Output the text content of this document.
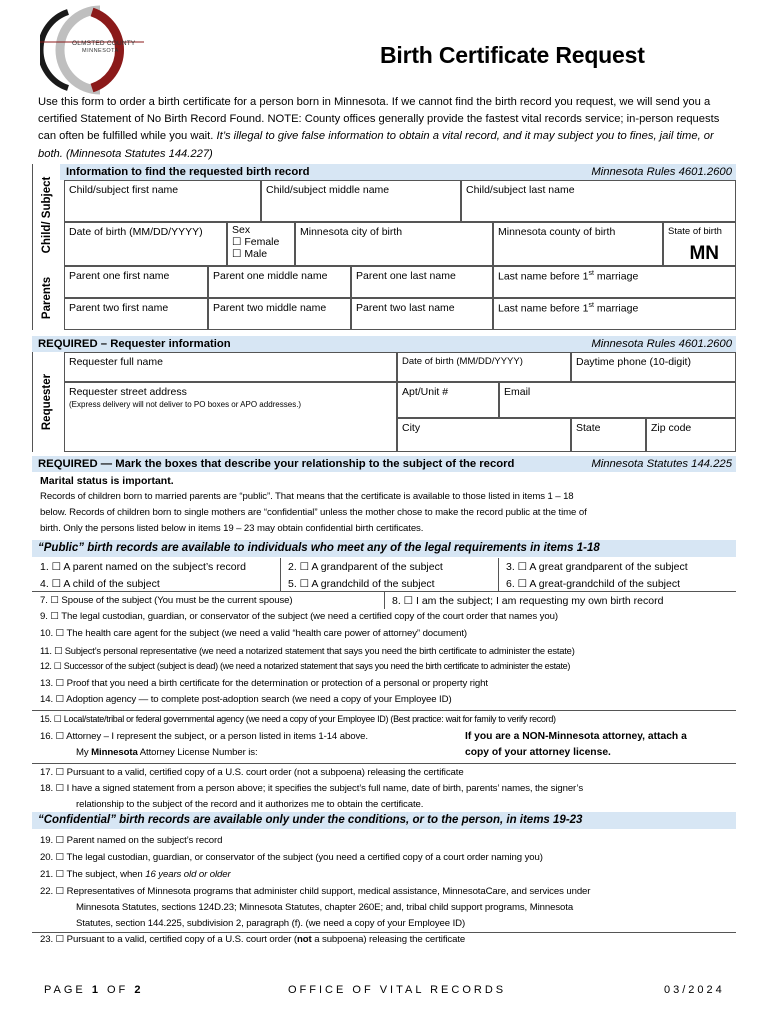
OLMSTED COUNTY
MINNESOTA	Birth Certificate Request
Use this form to order a birth certificate for a person born in Minnesota. If we cannot find the birth record you request, we will send you a certified Statement of No Birth Record Found. NOTE: County offices generally provide the fastest vital records service; in-person requests can often be fulfilled while you wait. It’s illegal to give false information to obtain a vital record, and it may subject you to fines, jail time, or both. (Minnesota Statutes 144.227)
Information to find the requested birth record	Minnesota Rules 4601.2600
Child/ Subject
Parents
Child/subject first name	Child/subject middle name	Child/subject last name
Date of birth (MM/DD/YYYY)	Sex
☐ Female
☐ Male
Minnesota city of birth	Minnesota county of birth	State of birth
MN
Parent one first name	Parent one middle name	Parent one last name	Last name before 1st marriage
Parent two first name	Parent two middle name	Parent two last name	Last name before 1st marriage
REQUIRED – Requester information	Minnesota Rules 4601.2600
Requester
Requester full name	Date of birth (MM/DD/YYYY)	Daytime phone (10-digit)
Requester street address
(Express delivery will not deliver to PO boxes or APO addresses.)
Apt/Unit #	Email
City	State	Zip code
REQUIRED — Mark the boxes that describe your relationship to the subject of the record	Minnesota Statutes 144.225
Marital status is important.
Records of children born to married parents are “public”. That means that the certificate is available to those listed in items 1 – 18
below. Records of children born to single mothers are “confidential” unless the mother chose to make the record public at the time of
birth. Only the persons listed below in items 19 – 23 may obtain confidential birth certificates.
“Public” birth records are available to individuals who meet any of the legal requirements in items 1-18
1. ☐ A parent named on the subject’s record	2. ☐ A grandparent of the subject	3. ☐ A great grandparent of the subject
4. ☐ A child of the subject	5. ☐ A grandchild of the subject	6. ☐ A great-grandchild of the subject
7. ☐ Spouse of the subject (You must be the current spouse)	8. ☐ I am the subject; I am requesting my own birth record
9. ☐ The legal custodian, guardian, or conservator of the subject (we need a certified copy of the court order that names you)
10. ☐ The health care agent for the subject (we need a valid “health care power of attorney” document)
11. ☐ Subject’s personal representative (we need a notarized statement that says you need the birth certificate to administer the estate)
12. ☐ Successor of the subject (subject is dead) (we need a notarized statement that says you need the birth certificate to administer the estate)
13. ☐ Proof that you need a birth certificate for the determination or protection of a personal or property right
14. ☐ Adoption agency — to complete post-adoption search (we need a copy of your Employee ID)
15. ☐ Local/state/tribal or federal governmental agency (we need a copy of your Employee ID) (Best practice: wait for family to verify record)
16. ☐ Attorney – I represent the subject, or a person listed in items 1-14 above.
My Minnesota Attorney License Number is:
If you are a NON-Minnesota attorney, attach a
copy of your attorney license.
17. ☐ Pursuant to a valid, certified copy of a U.S. court order (not a subpoena) releasing the certificate
18. ☐ I have a signed statement from a person above; it specifies the subject’s full name, date of birth, parents’ names, the signer’s
relationship to the subject of the record and it authorizes me to obtain the certificate.
“Confidential” birth records are available only under the conditions, or to the person, in items 19-23
19. ☐ Parent named on the subject’s record
20. ☐ The legal custodian, guardian, or conservator of the subject (you need a certified copy of a court order naming you)
21. ☐ The subject, when 16 years old or older
22. ☐ Representatives of Minnesota programs that administer child support, medical assistance, MinnesotaCare, and services under
Minnesota Statutes, sections 124D.23; Minnesota Statutes, chapter 260E; and, tribal child support programs, Minnesota
Statutes, section 144.225, subdivision 2, paragraph (f). (we need a copy of your Employee ID)
23. ☐ Pursuant to a valid, certified copy of a U.S. court order (not a subpoena) releasing the certificate
PAGE 1 OF 2	OFFICE OF VITAL RECORDS	03/2024
